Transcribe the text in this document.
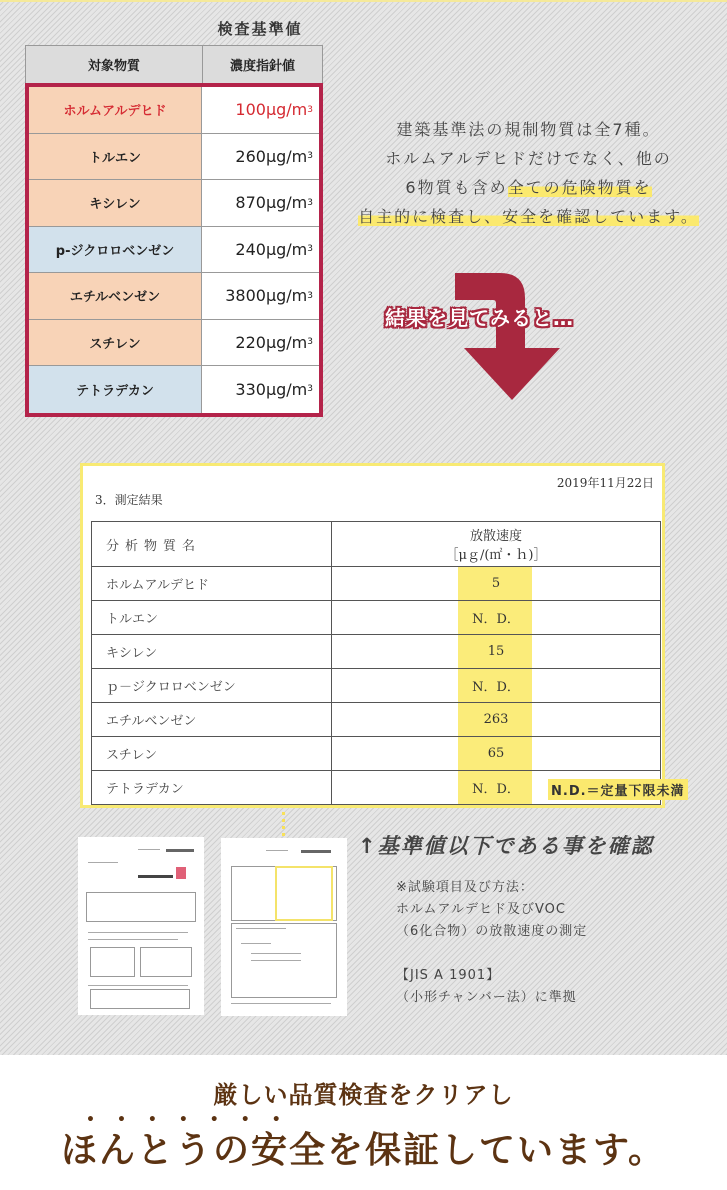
検査基準値
対象物質	濃度指針値
ホルムアルデヒド	100 μg/m 3
トルエン	260 μg/m 3
キシレン	870 μg/m 3
p-ジクロロベンゼン	240 μg/m 3
エチルベンゼン	3800 μg/m 3
スチレン	220 μg/m 3
テトラデカン	330 μg/m 3
建築基準法の規制物質は全7種。
ホルムアルデヒドだけでなく、他の
6物質も含め全ての危険物質を
自主的に検査し、安全を確認しています。
結果を見てみると…
2019年11月22日
3．測定結果
分析物質名	放散速度
［μｇ/(㎡・ｈ)］

ホルムアルデヒド	5
トルエン	N．D．
キシレン	15
ｐ－ジクロロベンゼン	N．D．
エチルベンゼン	263
スチレン	65
テトラデカン	N．D． N.D.＝定量下限未満
↑基準値以下である事を確認
※試験項目及び方法：
ホルムアルデヒド及びVOC
（6化合物）の放散速度の測定
【JIS A 1901】
（小形チャンバー法）に準拠
厳しい品質検査をクリアし
•••••••
ほんとうの安全を保証しています。
